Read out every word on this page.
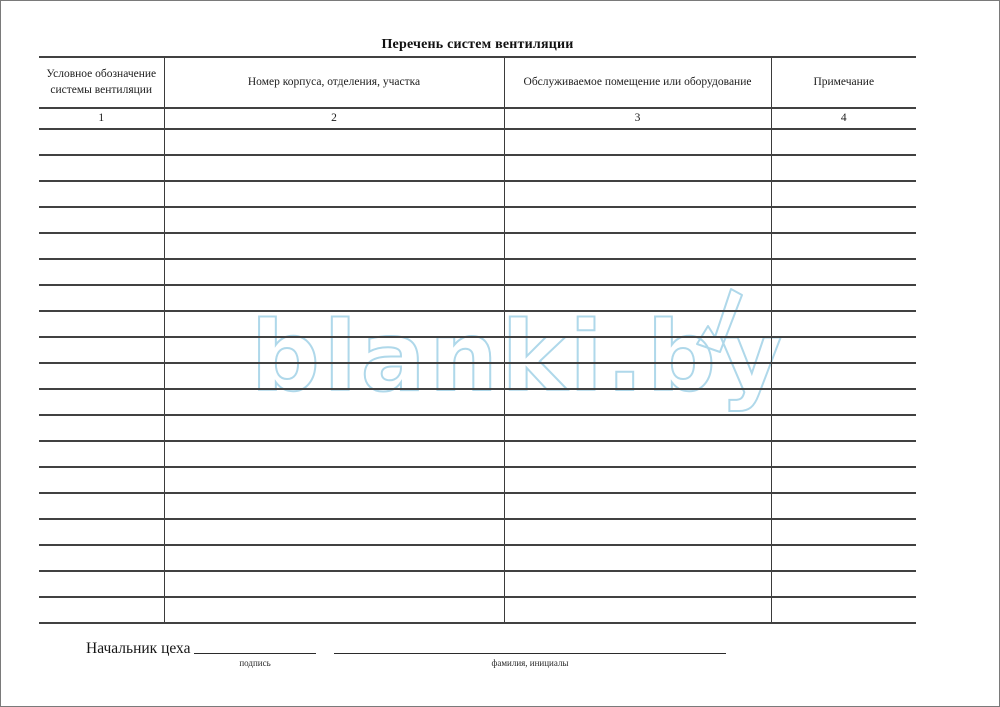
Перечень систем вентиляции
blanki.by
Условное обозначение системы вентиляции	Номер корпуса, отделения, участка	Обслуживаемое помещение или оборудование	Примечание
1	2	3	4

Начальник цеха
подпись	фамилия, инициалы
